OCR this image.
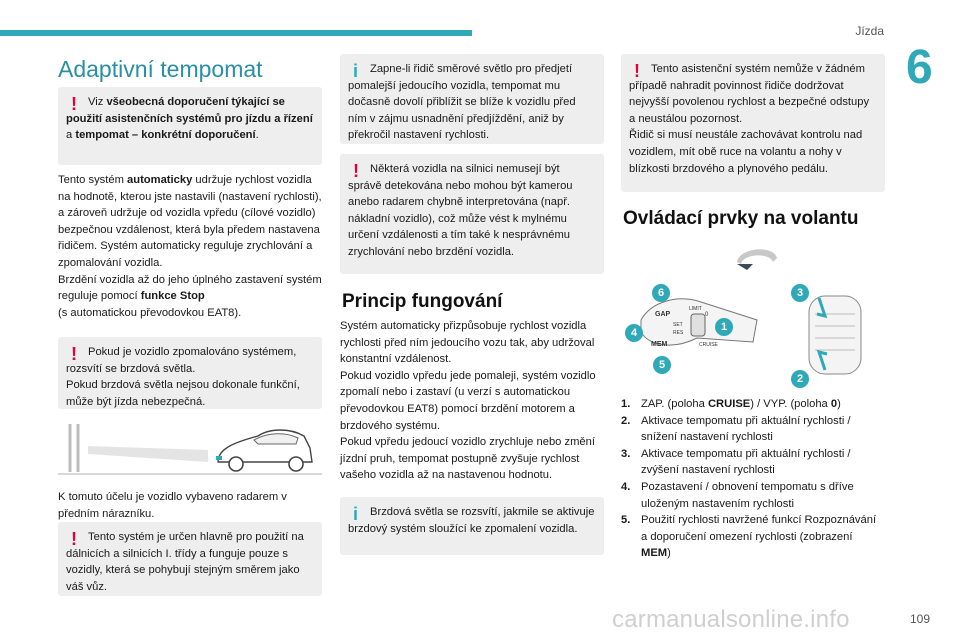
Jízda
6
109
carmanualsonline.info
Adaptivní tempomat
! Viz všeobecná doporučení týkající se použití asistenčních systémů pro jízdu a řízení a tempomat – konkrétní doporučení.
Tento systém automaticky udržuje rychlost vozidla na hodnotě, kterou jste nastavili (nastavení rychlosti), a zároveň udržuje od vozidla vpředu (cílové vozidlo) bezpečnou vzdálenost, která byla předem nastavena řidičem. Systém automaticky reguluje zrychlování a zpomalování vozidla.
Brzdění vozidla až do jeho úplného zastavení systém reguluje pomocí funkce Stop
(s automatickou převodovkou EAT8).
! Pokud je vozidlo zpomalováno systémem, rozsvítí se brzdová světla.
Pokud brzdová světla nejsou dokonale funkční, může být jízda nebezpečná.
K tomuto účelu je vozidlo vybaveno radarem v předním nárazníku.
! Tento systém je určen hlavně pro použití na dálnicích a silnicích I. třídy a funguje pouze s vozidly, která se pohybují stejným směrem jako váš vůz.
i	Zapne-li řidič směrové světlo pro předjetí pomalejší jedoucího vozidla, tempomat mu dočasně dovolí přiblížit se blíže k vozidlu před ním v zájmu usnadnění předjíždění, aniž by překročil nastavení rychlosti.
! Některá vozidla na silnici nemusejí být správě detekována nebo mohou být kamerou anebo radarem chybně interpretována (např. nákladní vozidlo), což může vést k mylnému určení vzdálenosti a tím také k nesprávnému zrychlování nebo brzdění vozidla.
Princip fungování
Systém automaticky přizpůsobuje rychlost vozidla rychlosti před ním jedoucího vozu tak, aby udržoval konstantní vzdálenost.
Pokud vozidlo vpředu jede pomaleji, systém vozidlo zpomalí nebo i zastaví (u verzí s automatickou převodovkou EAT8) pomocí brzdění motorem a brzdového systému.
Pokud vpředu jedoucí vozidlo zrychluje nebo změní jízdní pruh, tempomat postupně zvyšuje rychlost vašeho vozidla až na nastavenou hodnotu.
i	Brzdová světla se rozsvítí, jakmile se aktivuje brzdový systém sloužící ke zpomalení vozidla.
! Tento asistenční systém nemůže v žádném případě nahradit povinnost řidiče dodržovat nejvyšší povolenou rychlost a bezpečné odstupy a neustálou pozornost.
Řidič si musí neustále zachovávat kontrolu nad vozidlem, mít obě ruce na volantu a nohy v blízkosti brzdového a plynového pedálu.
Ovládací prvky na volantu
GAP
LIMIT
MEM	CRUISE
SET
RES
0
6
1
4
5
3
2
1. ZAP. (poloha CRUISE) / VYP. (poloha 0)
2. Aktivace tempomatu při aktuální rychlosti / snížení nastavení rychlosti
3. Aktivace tempomatu při aktuální rychlosti / zvýšení nastavení rychlosti
4. Pozastavení / obnovení tempomatu s dříve uloženým nastavením rychlosti
5. Použití rychlosti navržené funkcí Rozpoznávání a doporučení omezení rychlosti (zobrazení MEM)
